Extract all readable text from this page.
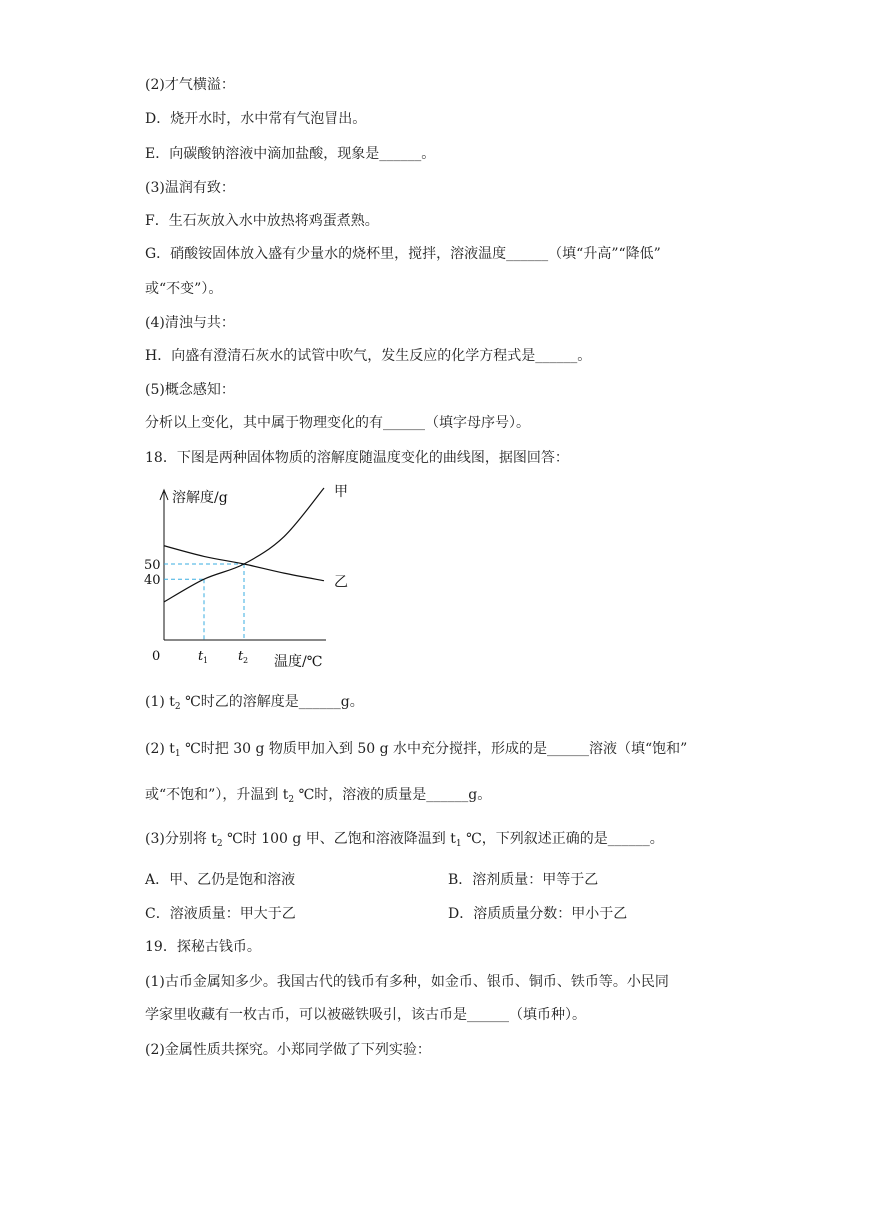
(2)才气横溢：
D．烧开水时，水中常有气泡冒出。
E．向碳酸钠溶液中滴加盐酸，现象是______。
(3)温润有致：
F．生石灰放入水中放热将鸡蛋煮熟。
G．硝酸铵固体放入盛有少量水的烧杯里，搅拌，溶液温度______（填“升高”“降低”
或“不变”）。
(4)清浊与共：
H．向盛有澄清石灰水的试管中吹气，发生反应的化学方程式是______。
(5)概念感知：
分析以上变化，其中属于物理变化的有______（填字母序号）。
18．下图是两种固体物质的溶解度随温度变化的曲线图，据图回答：
溶解度/g
温度/℃
0
50
40
t 1 t 2
甲
乙
(1) $t_2$ ℃时乙的溶解度是______g。
(2) $t_1$ ℃时把 30 g 物质甲加入到 50 g 水中充分搅拌，形成的是______溶液（填“饱和”
或“不饱和”），升温到 $t_2$ ℃时，溶液的质量是______g。
(3)分别将 $t_2$ ℃时 100 g 甲、乙饱和溶液降温到 $t_1$ ℃，下列叙述正确的是______。
A．甲、乙仍是饱和溶液	B．溶剂质量：甲等于乙
C．溶液质量：甲大于乙	D．溶质质量分数：甲小于乙
19．探秘古钱币。
(1)古币金属知多少。我国古代的钱币有多种，如金币、银币、铜币、铁币等。小民同
学家里收藏有一枚古币，可以被磁铁吸引，该古币是______（填币种）。
(2)金属性质共探究。小郑同学做了下列实验：
